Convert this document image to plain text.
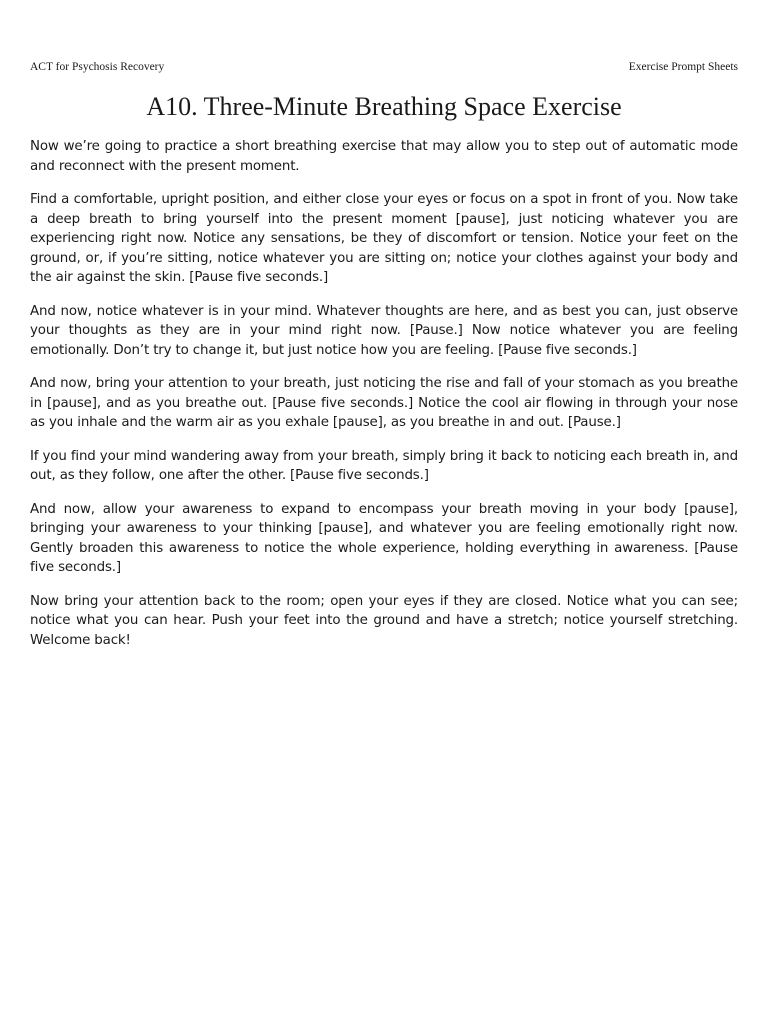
ACT for Psychosis Recovery	Exercise Prompt Sheets
A10. Three-Minute Breathing Space Exercise

Now we’re going to practice a short breathing exercise that may allow you to step out of automatic mode and reconnect with the present moment.

Find a comfortable, upright position, and either close your eyes or focus on a spot in front of you. Now take a deep breath to bring yourself into the present moment [pause], just noticing whatever you are experiencing right now. Notice any sensations, be they of discomfort or tension. Notice your feet on the ground, or, if you’re sitting, notice whatever you are sitting on; notice your clothes against your body and the air against the skin. [Pause five seconds.]

And now, notice whatever is in your mind. Whatever thoughts are here, and as best you can, just observe your thoughts as they are in your mind right now. [Pause.] Now notice whatever you are feeling emotionally. Don’t try to change it, but just notice how you are feeling. [Pause five seconds.]

And now, bring your attention to your breath, just noticing the rise and fall of your stomach as you breathe in [pause], and as you breathe out. [Pause five seconds.] Notice the cool air flowing in through your nose as you inhale and the warm air as you exhale [pause], as you breathe in and out. [Pause.]

If you find your mind wandering away from your breath, simply bring it back to noticing each breath in, and out, as they follow, one after the other. [Pause five seconds.]

And now, allow your awareness to expand to encompass your breath moving in your body [pause], bringing your awareness to your thinking [pause], and whatever you are feeling emotionally right now. Gently broaden this awareness to notice the whole experience, holding everything in awareness. [Pause five seconds.]

Now bring your attention back to the room; open your eyes if they are closed. Notice what you can see; notice what you can hear. Push your feet into the ground and have a stretch; notice yourself stretching. Welcome back!
